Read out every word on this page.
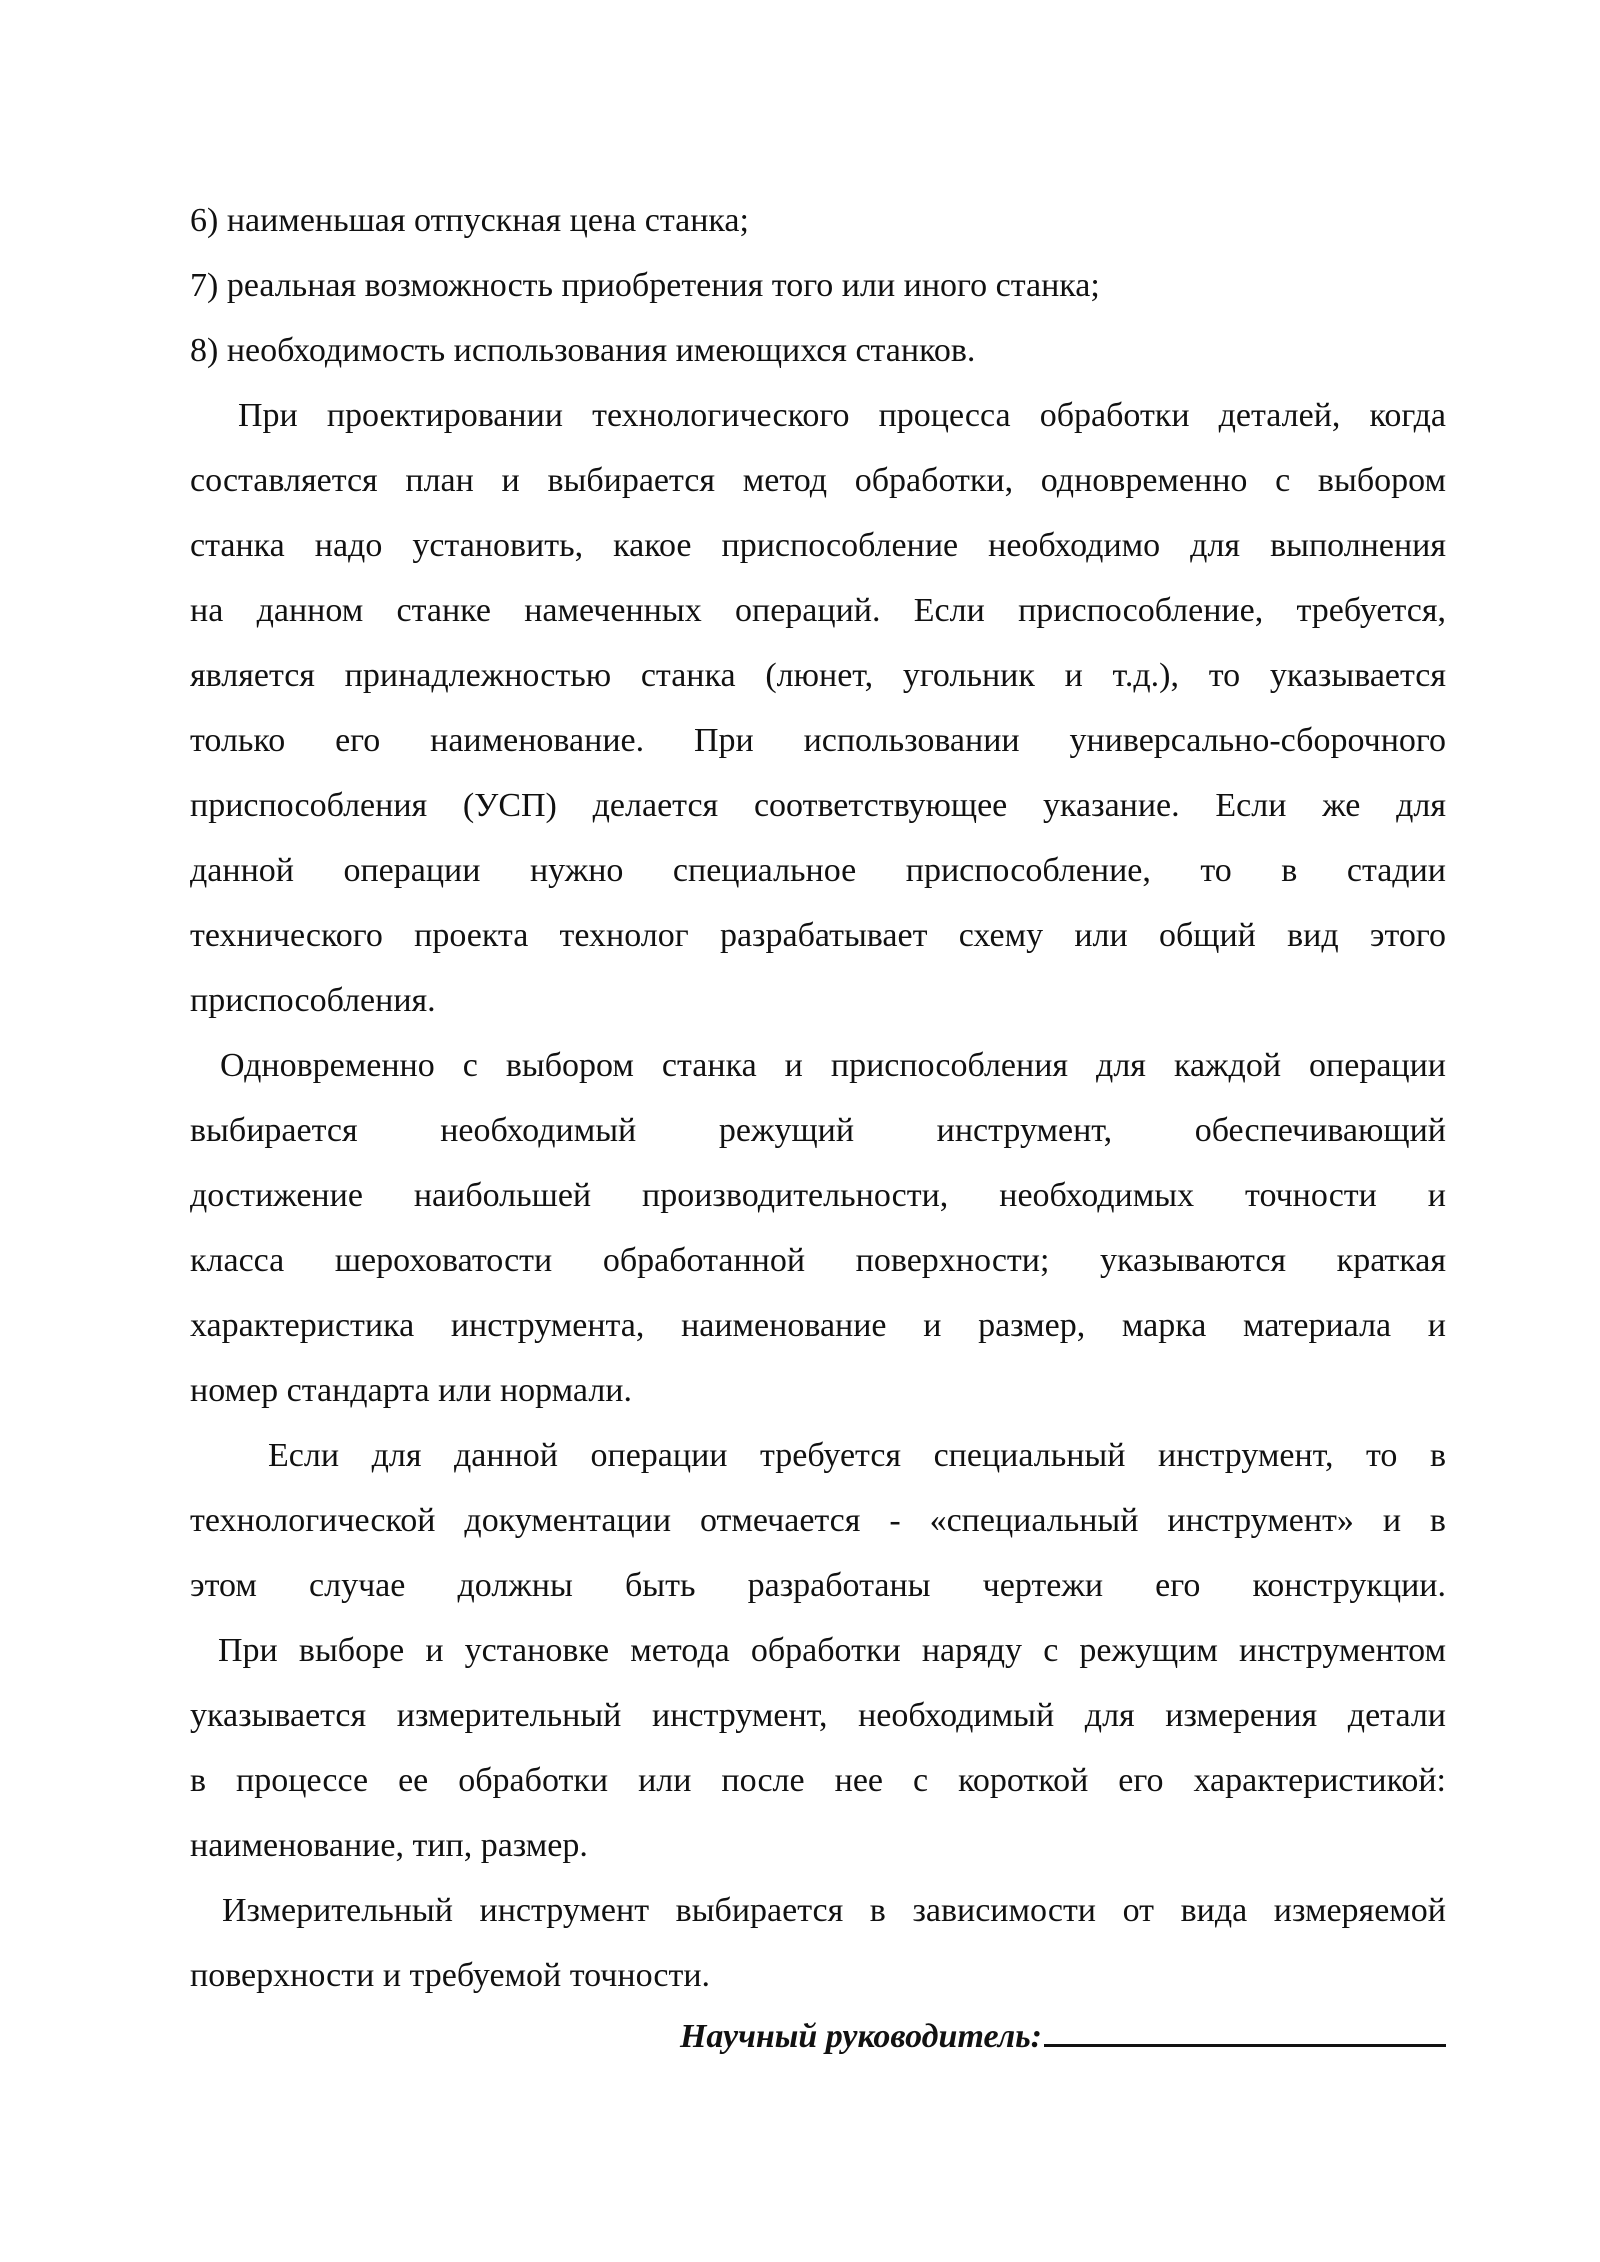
6) наименьшая отпускная цена станка;
7) реальная возможность приобретения того или иного станка;
8) необходимость использования имеющихся станков.
При проектировании технологического процесса обработки деталей, когда
составляется план и выбирается метод обработки, одновременно с выбором
станка надо установить, какое приспособление необходимо для выполнения
на данном станке намеченных операций. Если приспособление, требуется,
является принадлежностью станка (люнет, угольник и т.д.), то указывается
только его наименование. При использовании универсально-сборочного
приспособления (УСП) делается соответствующее указание. Если же для
данной операции нужно специальное приспособление, то в стадии
технического проекта технолог разрабатывает схему или общий вид этого
приспособления.
Одновременно с выбором станка и приспособления для каждой операции
выбирается необходимый режущий инструмент, обеспечивающий
достижение наибольшей производительности, необходимых точности и
класса шероховатости обработанной поверхности; указываются краткая
характеристика инструмента, наименование и размер, марка материала и
номер стандарта или нормали.
Если для данной операции требуется специальный инструмент, то в
технологической документации отмечается - «специальный инструмент» и в
этом случае должны быть разработаны чертежи его конструкции.
При выборе и установке метода обработки наряду с режущим инструментом
указывается измерительный инструмент, необходимый для измерения детали
в процессе ее обработки или после нее с короткой его характеристикой:
наименование, тип, размер.
Измерительный инструмент выбирается в зависимости от вида измеряемой
поверхности и требуемой точности.
Научный руководитель:
